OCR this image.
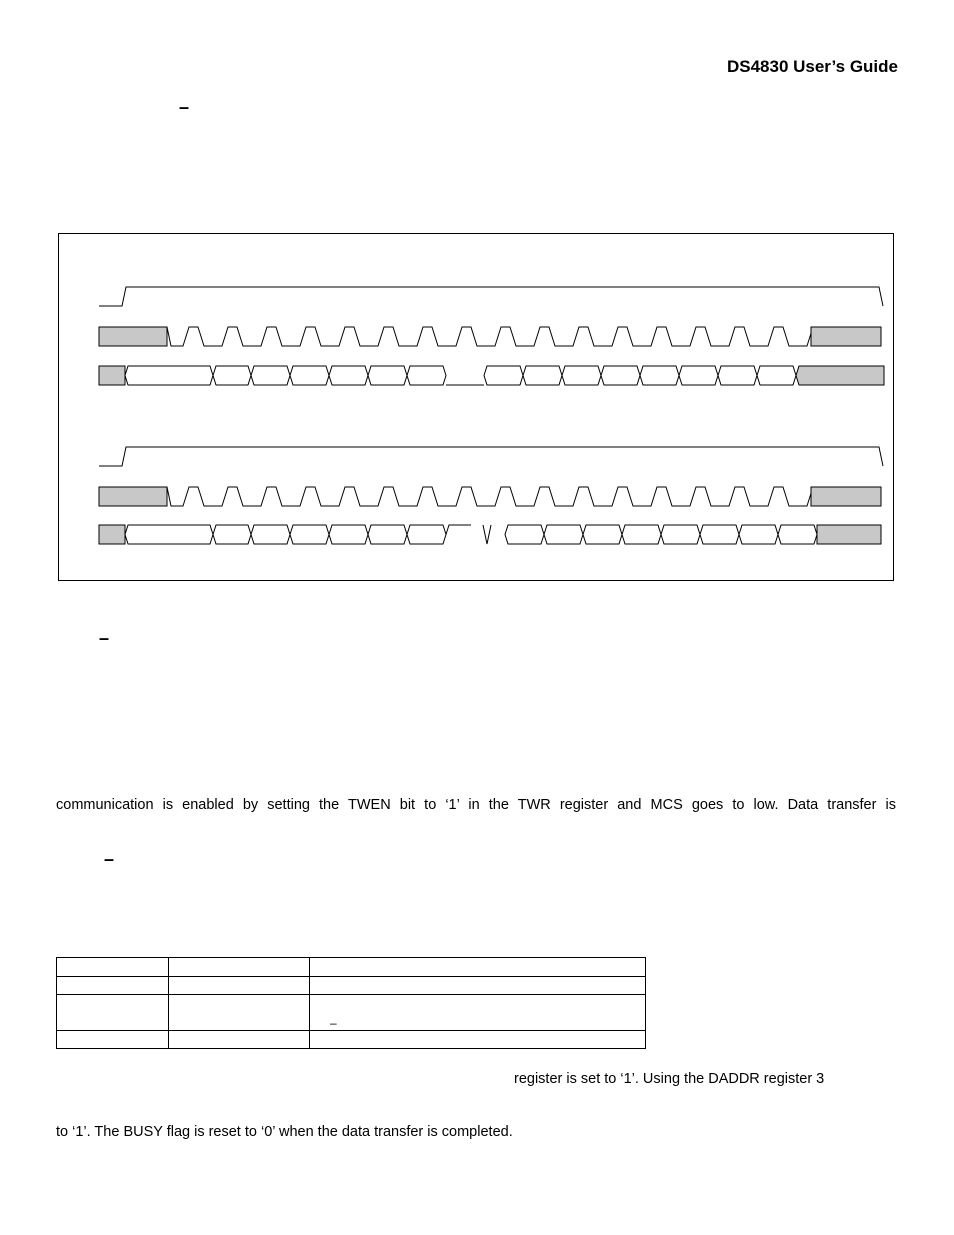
DS4830 User’s Guide
–
–
communication is enabled by setting the TWEN bit to ‘1’ in the TWR register and MCS goes to low. Data transfer is
–

		–

register is set to ‘1’. Using the DADDR register 3
to ‘1’. The BUSY flag is reset to ‘0’ when the data transfer is completed.
